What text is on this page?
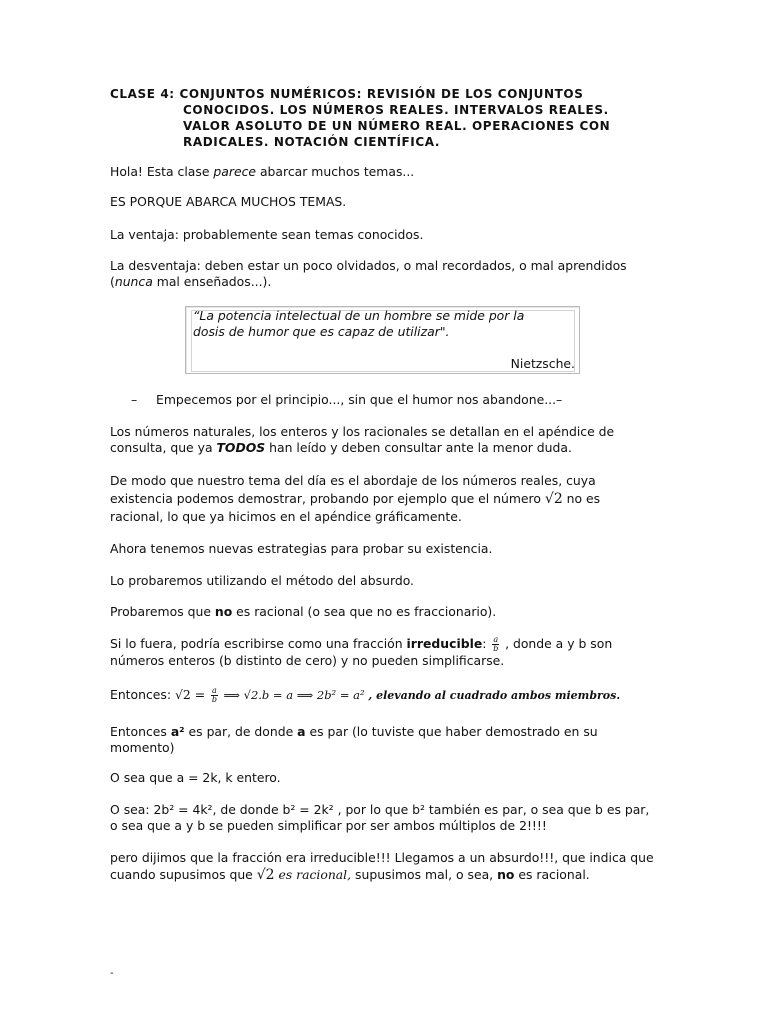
CLASE 4: CONJUNTOS NUMÉRICOS: REVISIÓN DE LOS CONJUNTOS
CONOCIDOS. LOS NÚMEROS REALES. INTERVALOS REALES.
VALOR ASOLUTO DE UN NÚMERO REAL. OPERACIONES CON
RADICALES. NOTACIÓN CIENTÍFICA.

Hola! Esta clase parece abarcar muchos temas...

ES PORQUE ABARCA MUCHOS TEMAS.

La ventaja: probablemente sean temas conocidos.

La desventaja: deben estar un poco olvidados, o mal recordados, o mal aprendidos (nunca mal enseñados...).

“La potencia intelectual de un hombre se mide por la dosis de humor que es capaz de utilizar".
Nietzsche.
– Empecemos por el principio..., sin que el humor nos abandone...–

Los números naturales, los enteros y los racionales se detallan en el apéndice de consulta, que ya TODOS han leído y deben consultar ante la menor duda.

De modo que nuestro tema del día es el abordaje de los números reales, cuya existencia podemos demostrar, probando por ejemplo que el número √2 no es racional, lo que ya hicimos en el apéndice gráficamente.

Ahora tenemos nuevas estrategias para probar su existencia.

Lo probaremos utilizando el método del absurdo.

Probaremos que no es racional (o sea que no es fraccionario).

Si lo fuera, podría escribirse como una fracción irreducible: $\frac{a}{b}$ , donde a y b son números enteros (b distinto de cero) y no pueden simplificarse.

Entonces: $√2 = \frac{a}{b}$ ⟹ √2.b = a ⟹ 2b² = a² , elevando al cuadrado ambos miembros.

Entonces a² es par, de donde a es par (lo tuviste que haber demostrado en su momento)

O sea que a = 2k, k entero.

O sea: 2b² = 4k², de donde b² = 2k² , por lo que b² también es par, o sea que b es par, o sea que a y b se pueden simplificar por ser ambos múltiplos de 2!!!!

pero dijimos que la fracción era irreducible!!! Llegamos a un absurdo!!!, que indica que cuando supusimos que √2 es racional, supusimos mal, o sea, no es racional.

-
